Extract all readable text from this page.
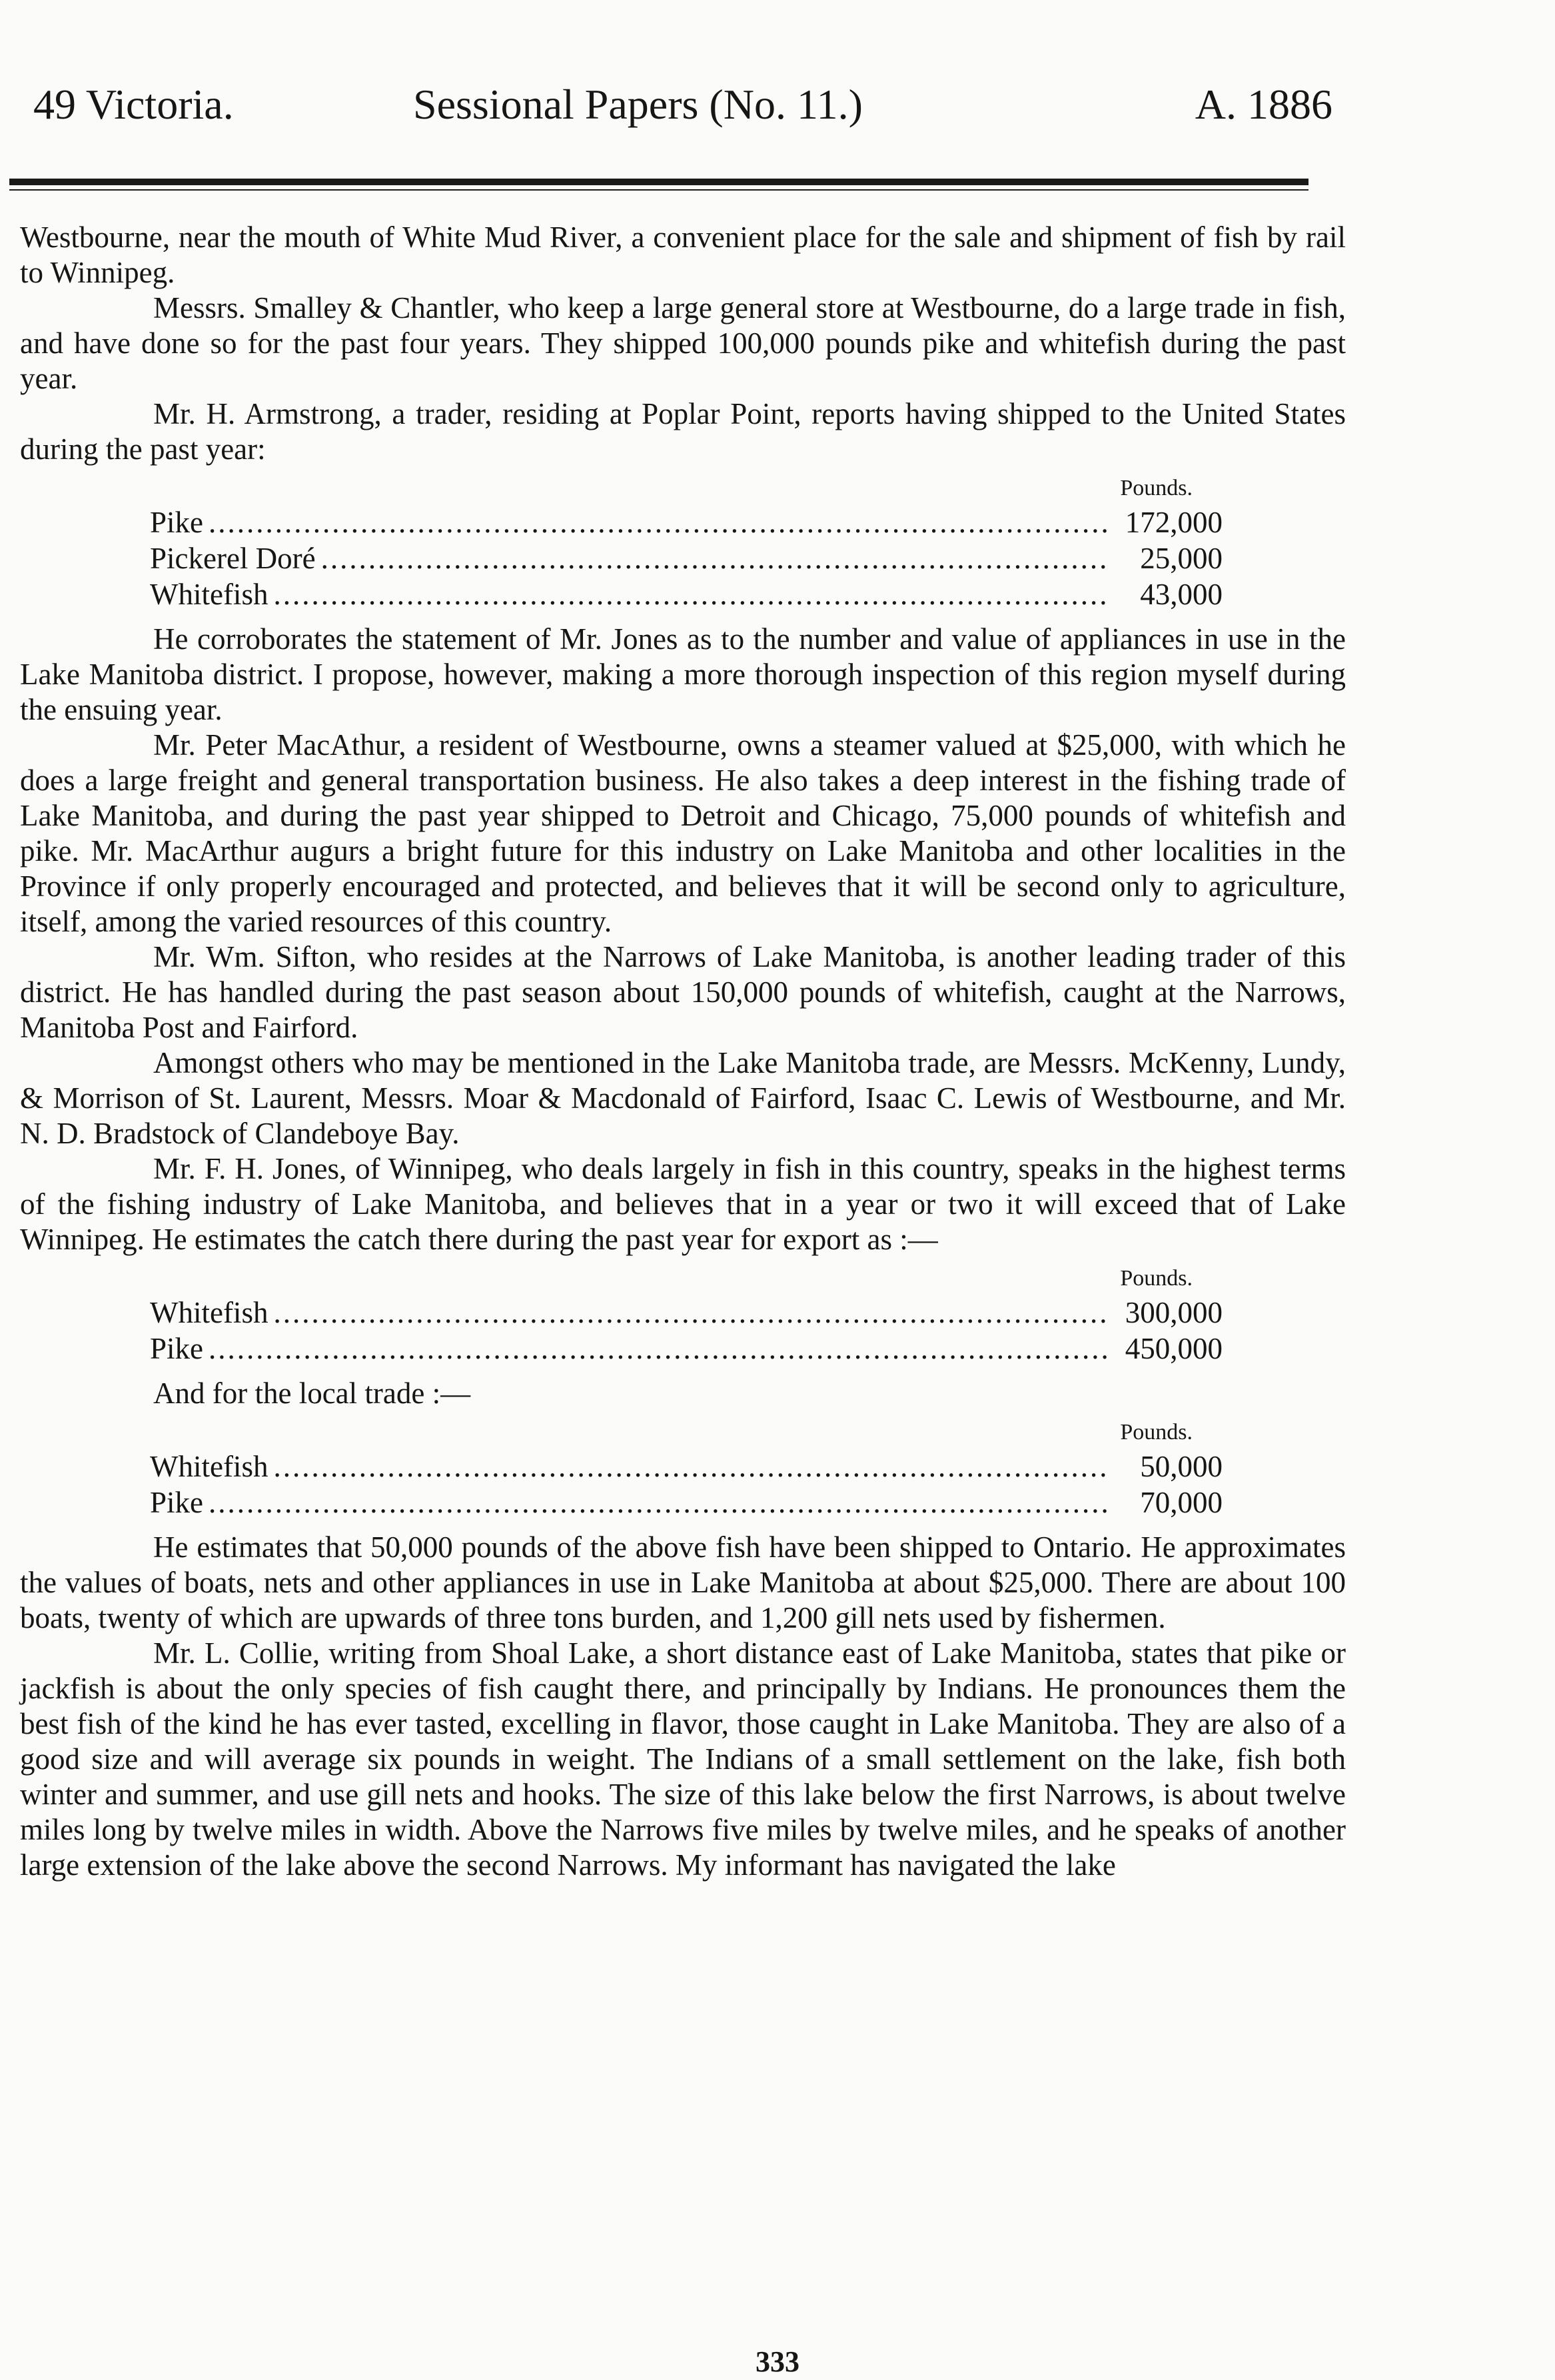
49 Victoria.	Sessional Papers (No. 11.)	A. 1886

Westbourne, near the mouth of White Mud River, a convenient place for the sale and shipment of fish by rail to Winnipeg.

Messrs. Smalley & Chantler, who keep a large general store at Westbourne, do a large trade in fish, and have done so for the past four years. They shipped 100,000 pounds pike and whitefish during the past year.

Mr. H. Armstrong, a trader, residing at Poplar Point, reports having shipped to the United States during the past year:

Pounds.
Pike .....	172,000
Pickerel Doré .....	25,000
Whitefish .....	43,000

He corroborates the statement of Mr. Jones as to the number and value of appliances in use in the Lake Manitoba district. I propose, however, making a more thorough inspection of this region myself during the ensuing year.

Mr. Peter MacAthur, a resident of Westbourne, owns a steamer valued at $25,000, with which he does a large freight and general transportation business. He also takes a deep interest in the fishing trade of Lake Manitoba, and during the past year shipped to Detroit and Chicago, 75,000 pounds of whitefish and pike. Mr. MacArthur augurs a bright future for this industry on Lake Manitoba and other localities in the Province if only properly encouraged and protected, and believes that it will be second only to agriculture, itself, among the varied resources of this country.

Mr. Wm. Sifton, who resides at the Narrows of Lake Manitoba, is another leading trader of this district. He has handled during the past season about 150,000 pounds of whitefish, caught at the Narrows, Manitoba Post and Fairford.

Amongst others who may be mentioned in the Lake Manitoba trade, are Messrs. McKenny, Lundy, & Morrison of St. Laurent, Messrs. Moar & Macdonald of Fairford, Isaac C. Lewis of Westbourne, and Mr. N. D. Bradstock of Clandeboye Bay.

Mr. F. H. Jones, of Winnipeg, who deals largely in fish in this country, speaks in the highest terms of the fishing industry of Lake Manitoba, and believes that in a year or two it will exceed that of Lake Winnipeg. He estimates the catch there during the past year for export as :—

Pounds.
Whitefish .....	300,000
Pike .....	450,000

And for the local trade :—

Pounds.
Whitefish .....	50,000
Pike .....	70,000

He estimates that 50,000 pounds of the above fish have been shipped to Ontario. He approximates the values of boats, nets and other appliances in use in Lake Manitoba at about $25,000. There are about 100 boats, twenty of which are upwards of three tons burden, and 1,200 gill nets used by fishermen.

Mr. L. Collie, writing from Shoal Lake, a short distance east of Lake Manitoba, states that pike or jackfish is about the only species of fish caught there, and principally by Indians. He pronounces them the best fish of the kind he has ever tasted, excelling in flavor, those caught in Lake Manitoba. They are also of a good size and will average six pounds in weight. The Indians of a small settlement on the lake, fish both winter and summer, and use gill nets and hooks. The size of this lake below the first Narrows, is about twelve miles long by twelve miles in width. Above the Narrows five miles by twelve miles, and he speaks of another large extension of the lake above the second Narrows. My informant has navigated the lake

333
